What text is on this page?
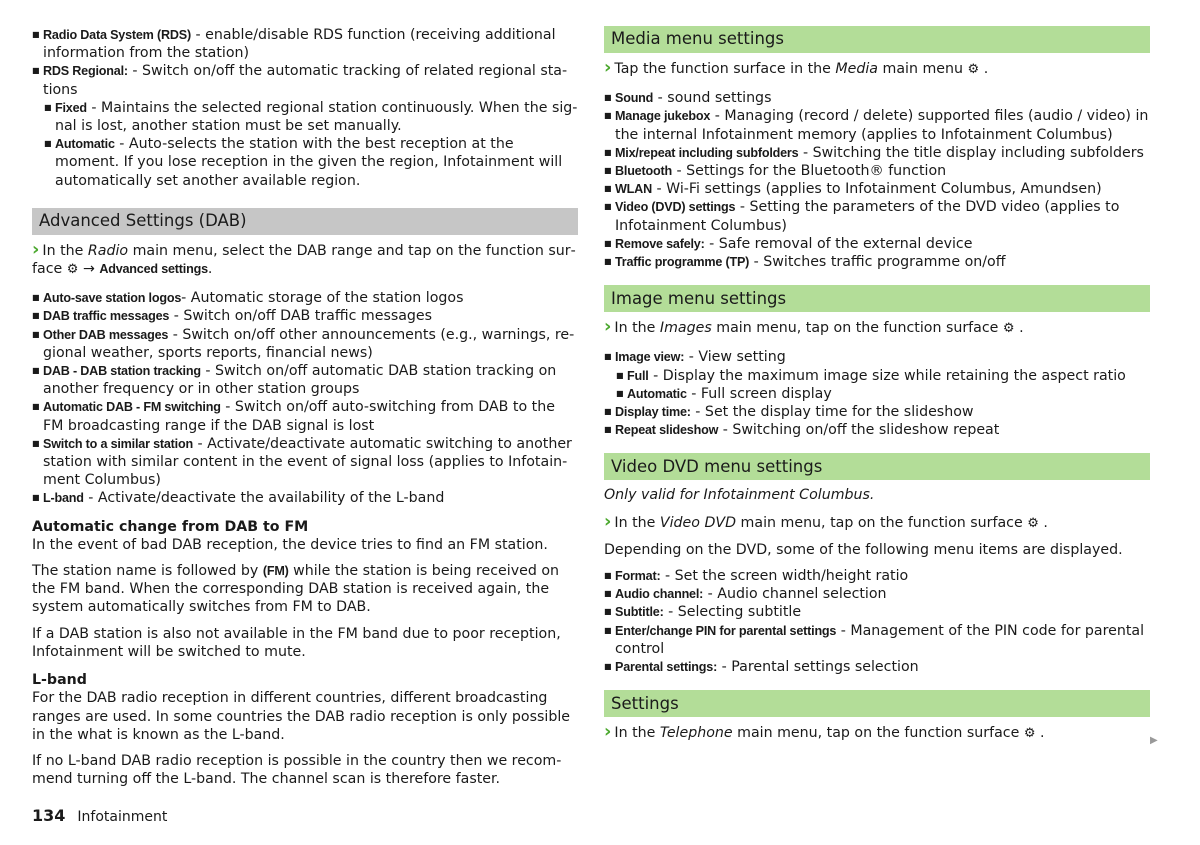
■ Radio Data System (RDS) - enable/disable RDS function (receiving additional information from the station)

■ RDS Regional: - Switch on/off the automatic tracking of related regional stations

■ Fixed - Maintains the selected regional station continuously. When the signal is lost, another station must be set manually.

■ Automatic - Auto-selects the station with the best reception at the moment. If you lose reception in the given the region, Infotainment will automatically set another available region.

Advanced Settings (DAB)

› In the Radio main menu, select the DAB range and tap on the function surface ⚙ → Advanced settings.

■ Auto-save station logos- Automatic storage of the station logos

■ DAB traffic messages - Switch on/off DAB traffic messages

■ Other DAB messages - Switch on/off other announcements (e.g., warnings, regional weather, sports reports, financial news)

■ DAB - DAB station tracking - Switch on/off automatic DAB station tracking on another frequency or in other station groups

■ Automatic DAB - FM switching - Switch on/off auto-switching from DAB to the FM broadcasting range if the DAB signal is lost

■ Switch to a similar station - Activate/deactivate automatic switching to another station with similar content in the event of signal loss (applies to Infotainment Columbus)

■ L-band - Activate/deactivate the availability of the L-band

Automatic change from DAB to FM

In the event of bad DAB reception, the device tries to find an FM station.

The station name is followed by (FM) while the station is being received on the FM band. When the corresponding DAB station is received again, the system automatically switches from FM to DAB.

If a DAB station is also not available in the FM band due to poor reception, Infotainment will be switched to mute.

L-band

For the DAB radio reception in different countries, different broadcasting ranges are used. In some countries the DAB radio reception is only possible in the what is known as the L-band.

If no L-band DAB radio reception is possible in the country then we recommend turning off the L-band. The channel scan is therefore faster.

Media menu settings

› Tap the function surface in the Media main menu ⚙ .

■ Sound - sound settings

■ Manage jukebox - Managing (record / delete) supported files (audio / video) in the internal Infotainment memory (applies to Infotainment Columbus)

■ Mix/repeat including subfolders - Switching the title display including subfolders

■ Bluetooth - Settings for the Bluetooth® function

■ WLAN - Wi-Fi settings (applies to Infotainment Columbus, Amundsen)

■ Video (DVD) settings - Setting the parameters of the DVD video (applies to Infotainment Columbus)

■ Remove safely: - Safe removal of the external device

■ Traffic programme (TP) - Switches traffic programme on/off

Image menu settings

› In the Images main menu, tap on the function surface ⚙ .

■ Image view: - View setting

■ Full - Display the maximum image size while retaining the aspect ratio

■ Automatic - Full screen display

■ Display time: - Set the display time for the slideshow

■ Repeat slideshow - Switching on/off the slideshow repeat

Video DVD menu settings

Only valid for Infotainment Columbus.

› In the Video DVD main menu, tap on the function surface ⚙ .

Depending on the DVD, some of the following menu items are displayed.

■ Format: - Set the screen width/height ratio

■ Audio channel: - Audio channel selection

■ Subtitle: - Selecting subtitle

■ Enter/change PIN for parental settings - Management of the PIN code for parental control

■ Parental settings: - Parental settings selection

Settings

› In the Telephone main menu, tap on the function surface ⚙ .	▶
134 Infotainment
